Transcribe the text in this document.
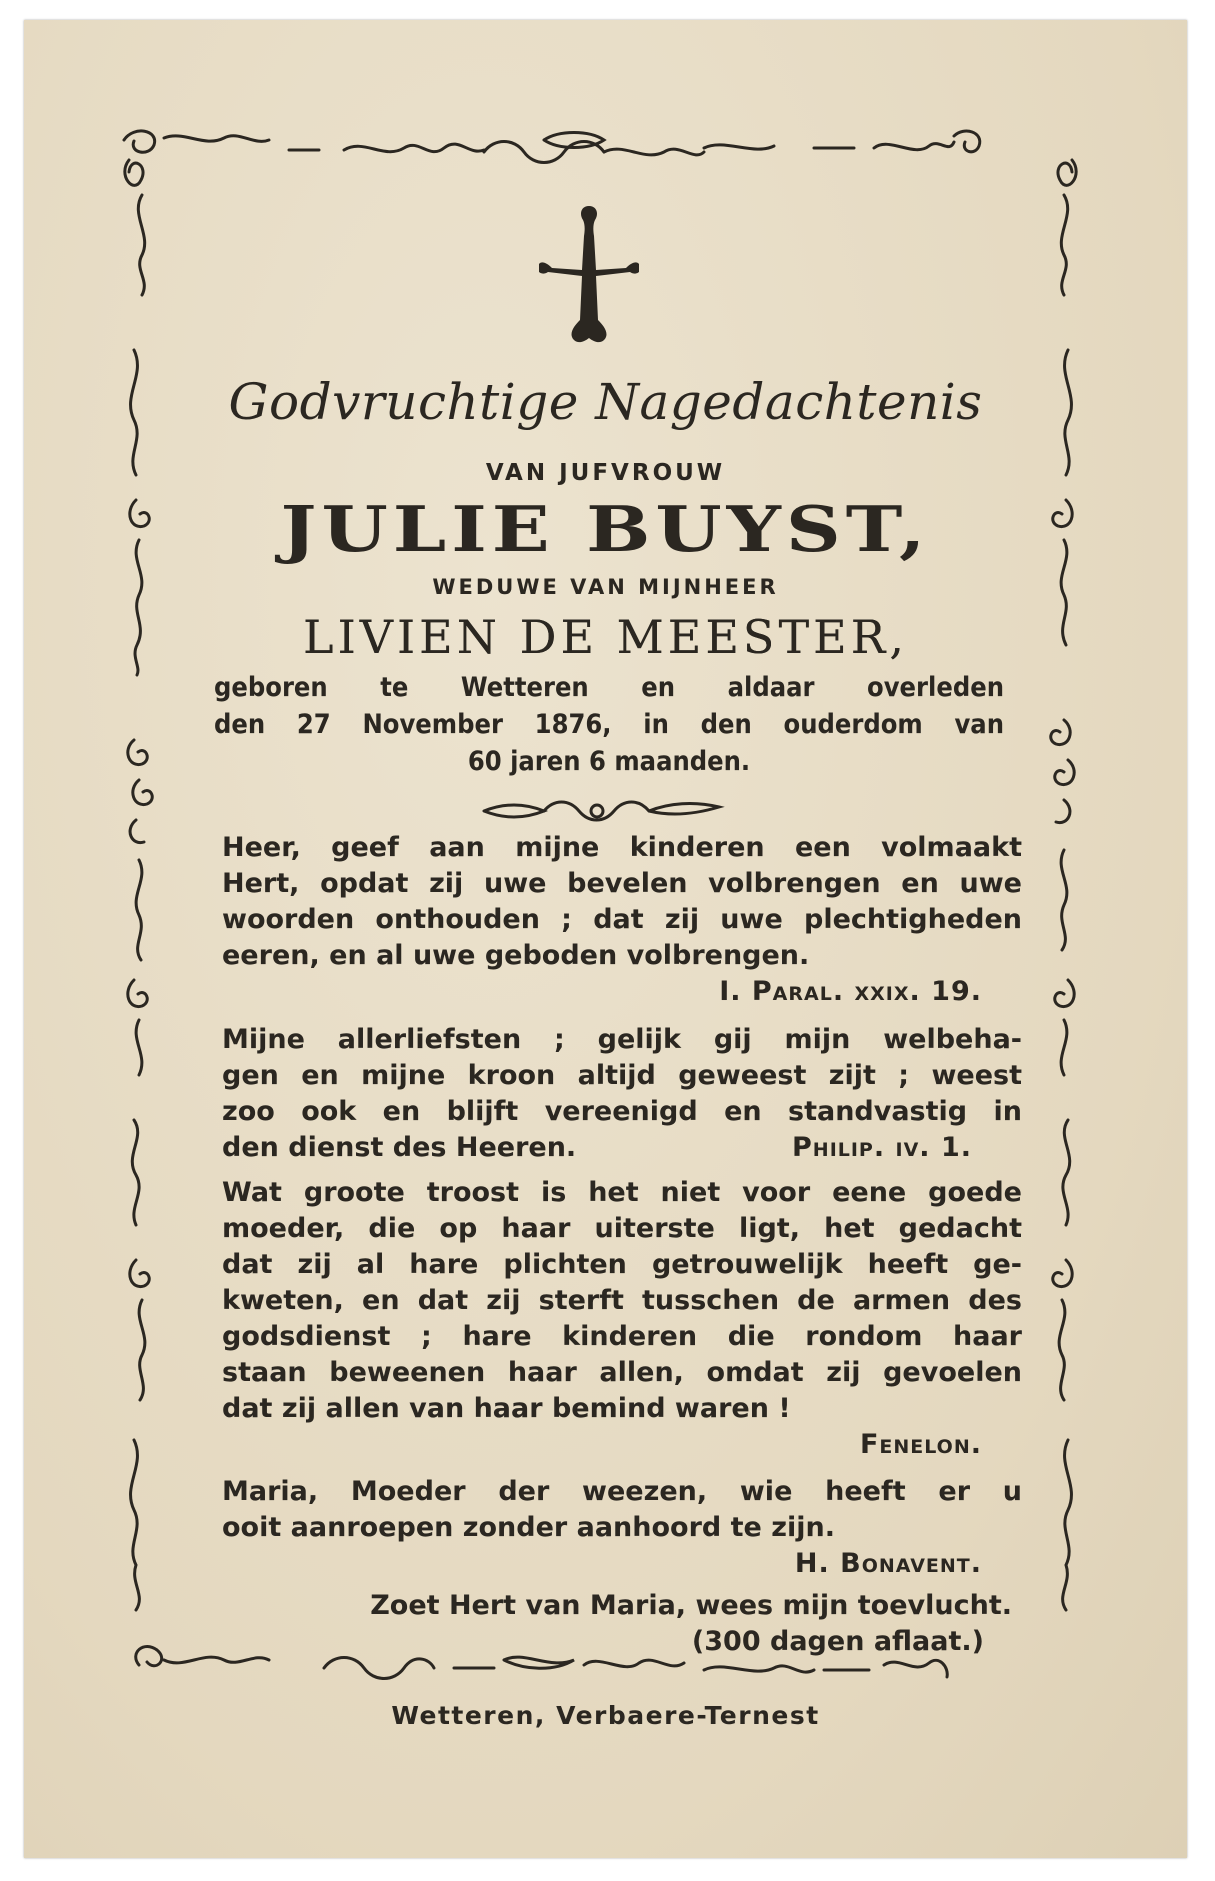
Godvruchtige Nagedachtenis
VAN JUFVROUW
JULIE BUYST,
WEDUWE VAN MIJNHEER
LIVIEN DE MEESTER,
geboren te Wetteren en aldaar overleden
den 27 November 1876, in den ouderdom van
60 jaren 6 maanden.
Heer, geef aan mijne kinderen een volmaakt
Hert, opdat zij uwe bevelen volbrengen en uwe
woorden onthouden ; dat zij uwe plechtigheden
eeren, en al uwe geboden volbrengen.
I. Paral. xxix. 19.
Mijne allerliefsten ; gelijk gij mijn welbeha-
gen en mijne kroon altijd geweest zijt ; weest
zoo ook en blijft vereenigd en standvastig in
den dienst des Heeren.	Philip. iv. 1.
Wat groote troost is het niet voor eene goede
moeder, die op haar uiterste ligt, het gedacht
dat zij al hare plichten getrouwelijk heeft ge-
kweten, en dat zij sterft tusschen de armen des
godsdienst ; hare kinderen die rondom haar
staan beweenen haar allen, omdat zij gevoelen
dat zij allen van haar bemind waren !
Fenelon.
Maria, Moeder der weezen, wie heeft er u
ooit aanroepen zonder aanhoord te zijn.
H. Bonavent.
Zoet Hert van Maria, wees mijn toevlucht.
(300 dagen aflaat.)
Wetteren, Verbaere-Ternest
